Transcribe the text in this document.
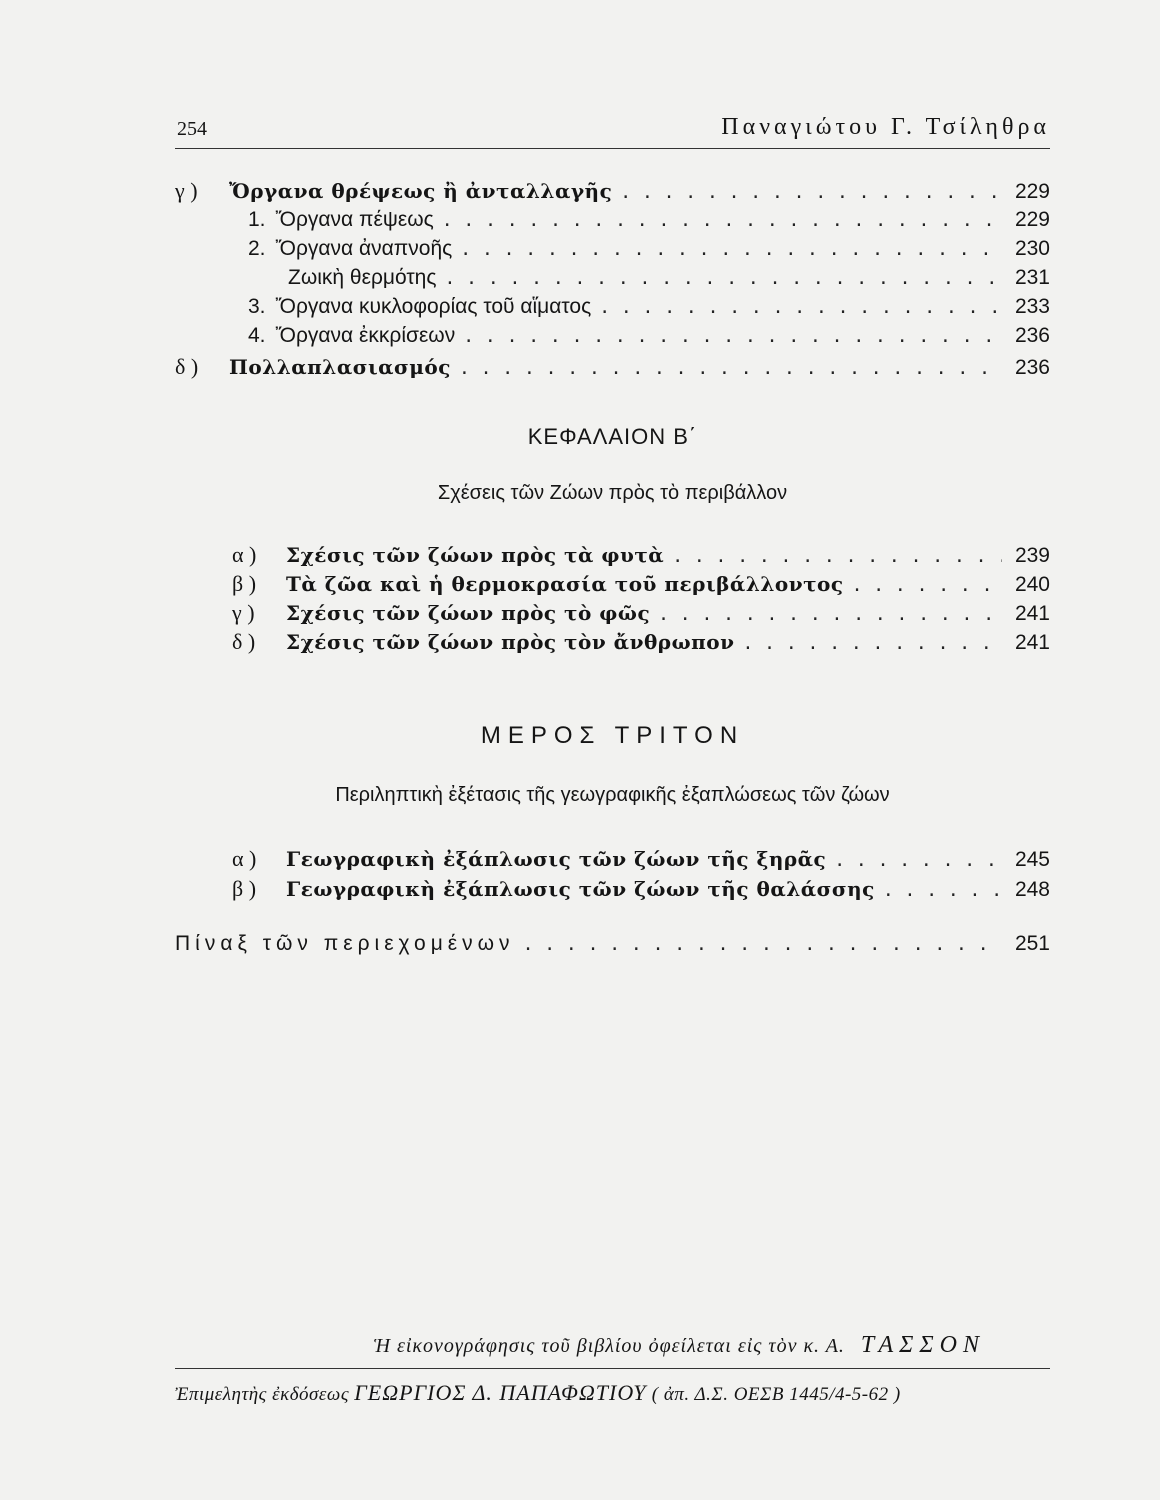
254	Παναγιώτου Γ. Τσίληθρα
γ )	Ὄργανα θρέψεως ἢ ἀνταλλαγῆς . . .	229
1. Ὄργανα πέψεως . . .	229
2. Ὄργανα ἀναπνοῆς . . .	230
Ζωικὴ θερμότης . . .	231
3. Ὄργανα κυκλοφορίας τοῦ αἵματος . . .	233
4. Ὄργανα ἐκκρίσεων . . .	236
δ )	Πολλαπλασιασμός . . .	236
ΚΕΦΑΛΑΙΟΝ Β΄
Σχέσεις τῶν Ζώων πρὸς τὸ περιβάλλον
α )	Σχέσις τῶν ζώων πρὸς τὰ φυτὰ . . .	239
β )	Τὰ ζῶα καὶ ἡ θερμοκρασία τοῦ περιβάλλοντος . . .	240
γ )	Σχέσις τῶν ζώων πρὸς τὸ φῶς . . .	241
δ )	Σχέσις τῶν ζώων πρὸς τὸν ἄνθρωπον . . .	241
ΜΕΡΟΣ ΤΡΙΤΟΝ
Περιληπτικὴ ἐξέτασις τῆς γεωγραφικῆς ἐξαπλώσεως τῶν ζώων
α )	Γεωγραφικὴ ἐξάπλωσις τῶν ζώων τῆς ξηρᾶς . . .	245
β )	Γεωγραφικὴ ἐξάπλωσις τῶν ζώων τῆς θαλάσσης . . .	248
Πίναξ τῶν περιεχομένων . . .	251
Ἡ εἰκονογράφησις τοῦ βιβλίου ὀφείλεται εἰς τὸν κ. Α. ΤΑΣΣΟΝ
Ἐπιμελητὴς ἐκδόσεως ΓΕΩΡΓΙΟΣ Δ. ΠΑΠΑΦΩΤΙΟΥ ( ἀπ. Δ.Σ. ΟΕΣΒ 1445/4-5-62 )
